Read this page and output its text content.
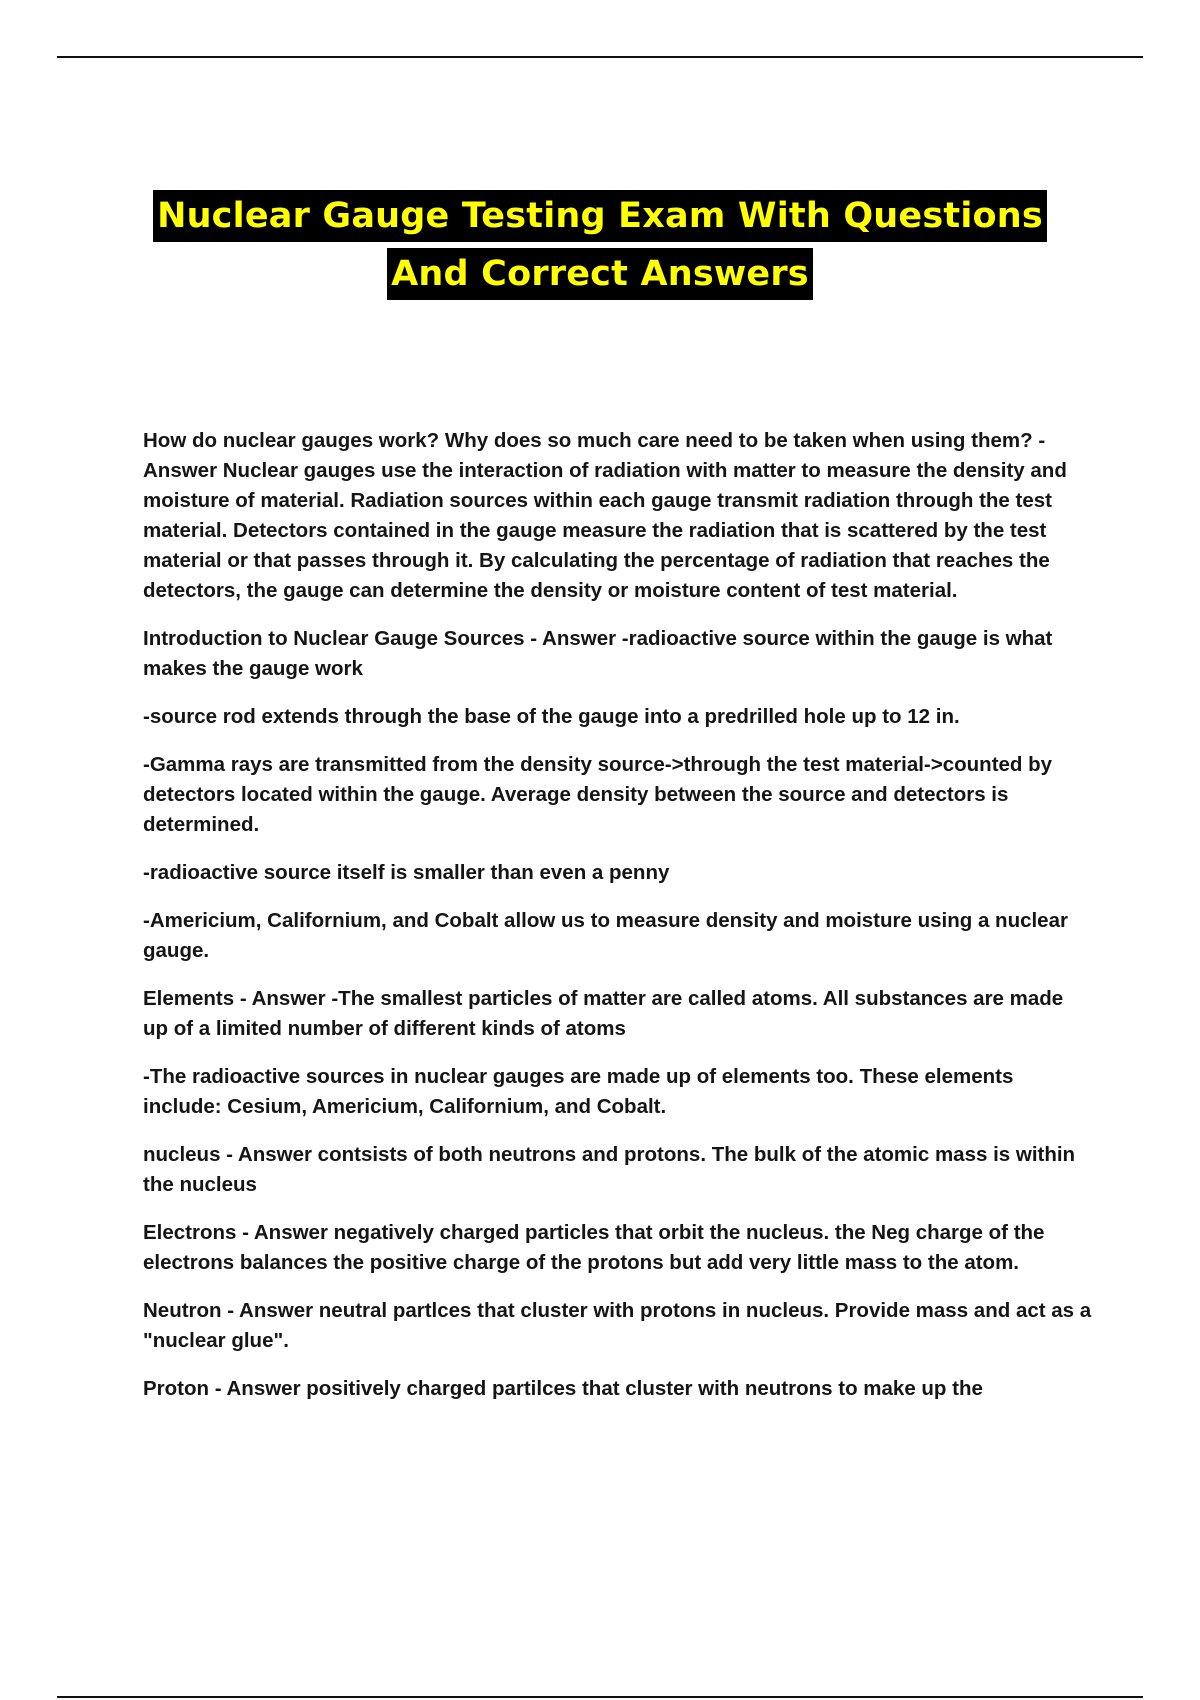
Nuclear Gauge Testing Exam With Questions
And Correct Answers

How do nuclear gauges work? Why does so much care need to be taken when using them? - Answer Nuclear gauges use the interaction of radiation with matter to measure the density and moisture of material. Radiation sources within each gauge transmit radiation through the test material. Detectors contained in the gauge measure the radiation that is scattered by the test material or that passes through it. By calculating the percentage of radiation that reaches the detectors, the gauge can determine the density or moisture content of test material.

Introduction to Nuclear Gauge Sources - Answer -radioactive source within the gauge is what makes the gauge work

-source rod extends through the base of the gauge into a predrilled hole up to 12 in.

-Gamma rays are transmitted from the density source->through the test material->counted by detectors located within the gauge. Average density between the source and detectors is determined.

-radioactive source itself is smaller than even a penny

-Americium, Californium, and Cobalt allow us to measure density and moisture using a nuclear gauge.

Elements - Answer -The smallest particles of matter are called atoms. All substances are made up of a limited number of different kinds of atoms

-The radioactive sources in nuclear gauges are made up of elements too. These elements include: Cesium, Americium, Californium, and Cobalt.

nucleus - Answer contsists of both neutrons and protons. The bulk of the atomic mass is within the nucleus

Electrons - Answer negatively charged particles that orbit the nucleus. the Neg charge of the electrons balances the positive charge of the protons but add very little mass to the atom.

Neutron - Answer neutral partlces that cluster with protons in nucleus. Provide mass and act as a "nuclear glue".

Proton - Answer positively charged partilces that cluster with neutrons to make up the
